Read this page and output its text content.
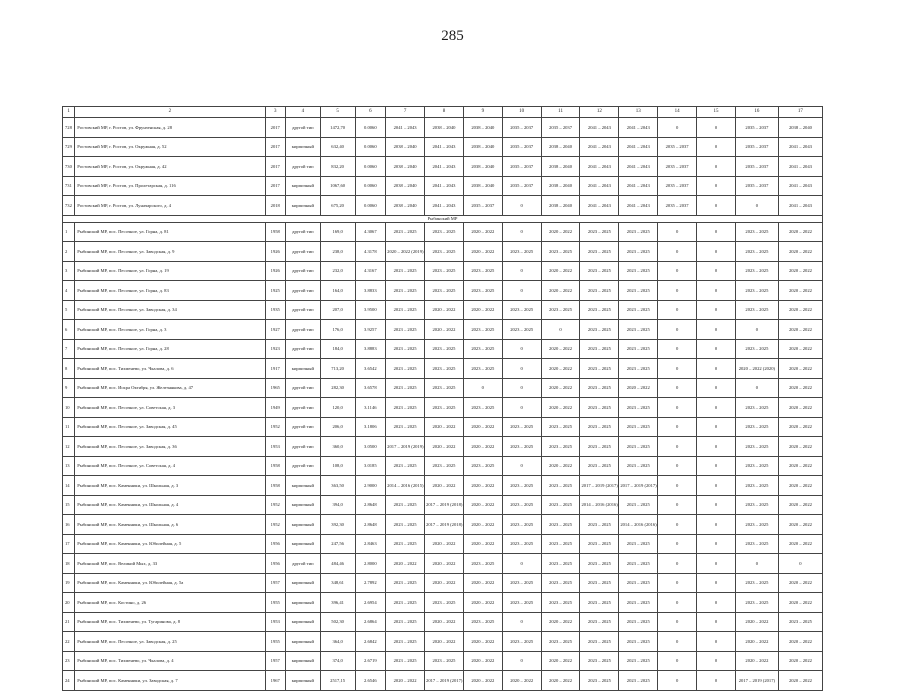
285
1	2	3	4	5	6	7	8	9	10	11	12	13	14	15	16	17
728	Ростовский МР, г. Ростов, ул. Фрунзенская, д. 28	2017	другой тип	1472,70	0.0060	2041 – 2043	2038 – 2040	2038 – 2040	2035 – 2037	2035 – 2037	2041 – 2043	2041 – 2043	0	0	2035 – 2037	2038 – 2040
729	Ростовский МР, г. Ростов, ул. Окружная, д. 52	2017	кирпичный	632,40	0.0060	2038 – 2040	2041 – 2043	2038 – 2040	2035 – 2037	2038 – 2040	2041 – 2043	2041 – 2043	2035 – 2037	0	2035 – 2037	2041 – 2043
730	Ростовский МР, г. Ростов, ул. Окружная, д. 42	2017	другой тип	832,20	0.0060	2038 – 2040	2041 – 2043	2038 – 2040	2035 – 2037	2038 – 2040	2041 – 2043	2041 – 2043	2035 – 2037	0	2035 – 2037	2041 – 2043
731	Ростовский МР, г. Ростов, ул. Пролетарская, д. 116	2017	кирпичный	1067,60	0.0060	2038 – 2040	2041 – 2043	2038 – 2040	2035 – 2037	2038 – 2040	2041 – 2043	2041 – 2043	2035 – 2037	0	2035 – 2037	2041 – 2043
732	Ростовский МР, г. Ростов, ул. Луначарского, д. 4	2018	кирпичный	675,20	0.0060	2038 – 2040	2041 – 2043	2035 – 2037	0	2038 – 2040	2041 – 2043	2041 – 2043	2035 – 2037	0	0	2041 – 2043
Рыбинский МР																
1	Рыбинский МР, пос. Песочное, ул. Горна, д. 81	1958	другой тип	169,0	4.3067	2023 – 2025	2023 – 2025	2020 – 2022	0	2020 – 2022	2023 – 2025	2023 – 2025	0	0	2023 – 2025	2020 – 2022
2	Рыбинский МР, пос. Песочное, ул. Заводская, д. 9	1926	другой тип	238,0	4.3178	2020 – 2022 (2019)	2023 – 2025	2020 – 2022	2023 – 2025	2023 – 2025	2023 – 2025	2023 – 2025	0	0	2023 – 2025	2020 – 2022
3	Рыбинский МР, пос. Песочное, ул. Горна, д. 19	1926	другой тип	232,0	4.3167	2023 – 2025	2023 – 2025	2023 – 2025	0	2020 – 2022	2023 – 2025	2023 – 2025	0	0	2023 – 2025	2020 – 2022
4	Рыбинский МР, пос. Песочное, ул. Горна, д. 83	1925	другой тип	164,0	3.8833	2023 – 2025	2023 – 2025	2023 – 2025	0	2020 – 2022	2023 – 2025	2023 – 2025	0	0	2023 – 2025	2020 – 2022
5	Рыбинский МР, пос. Песочное, ул. Заводская, д. 34	1935	другой тип	207,0	3.9500	2023 – 2025	2020 – 2022	2020 – 2022	2023 – 2025	2023 – 2025	2023 – 2025	2023 – 2025	0	0	2023 – 2025	2020 – 2022
6	Рыбинский МР, пос. Песочное, ул. Горна, д. 3	1927	другой тип	176,0	3.9257	2023 – 2025	2020 – 2022	2023 – 2025	2023 – 2025	0	2023 – 2025	2023 – 2025	0	0	0	2020 – 2022
7	Рыбинский МР, пос. Песочное, ул. Горна, д. 28	1923	другой тип	184,0	3.8883	2023 – 2025	2023 – 2025	2023 – 2025	0	2020 – 2022	2023 – 2025	2023 – 2025	0	0	2023 – 2025	2020 – 2022
8	Рыбинский МР, пос. Тихменево, ул. Чкалова, д. 6	1917	кирпичный	713,20	3.6542	2023 – 2025	2023 – 2025	2023 – 2025	0	2020 – 2022	2023 – 2025	2023 – 2025	0	0	2020 – 2022 (2020)	2020 – 2022
9	Рыбинский МР, пос. Искра Октября, ул. Железнякова, д. 47	1965	другой тип	282,30	3.6578	2023 – 2025	2023 – 2025	0	0	2020 – 2022	2023 – 2025	2020 – 2022	0	0	0	2020 – 2022
10	Рыбинский МР, пос. Песочное, ул. Советская, д. 3	1949	другой тип	120,0	3.1146	2023 – 2025	2023 – 2025	2023 – 2025	0	2020 – 2022	2023 – 2025	2023 – 2025	0	0	2023 – 2025	2020 – 2022
11	Рыбинский МР, пос. Песочное, ул. Заводская, д. 45	1952	другой тип	206,0	3.1806	2023 – 2025	2020 – 2022	2020 – 2022	2023 – 2025	2023 – 2025	2023 – 2025	2023 – 2025	0	0	2023 – 2025	2020 – 2022
12	Рыбинский МР, пос. Песочное, ул. Заводская, д. 36	1953	другой тип	360,0	3.0500	2017 – 2019 (2019)	2020 – 2022	2020 – 2022	2023 – 2025	2023 – 2025	2023 – 2025	2023 – 2025	0	0	2023 – 2025	2020 – 2022
13	Рыбинский МР, пос. Песочное, ул. Советская, д. 4	1958	другой тип	108,0	3.0185	2023 – 2025	2023 – 2025	2023 – 2025	0	2020 – 2022	2023 – 2025	2023 – 2025	0	0	2023 – 2025	2020 – 2022
14	Рыбинский МР, пос. Каменники, ул. Школьная, д. 3	1958	кирпичный	363,50	2.9000	2014 – 2016 (2015)	2020 – 2022	2020 – 2022	2023 – 2025	2023 – 2025	2017 – 2019 (2017)	2017 – 2019 (2017)	0	0	2023 – 2025	2020 – 2022
15	Рыбинский МР, пос. Каменники, ул. Школьная, д. 4	1952	кирпичный	394,0	2.8648	2023 – 2025	2017 – 2019 (2018)	2020 – 2022	2023 – 2025	2023 – 2025	2014 – 2016 (2016)	2023 – 2025	0	0	2023 – 2025	2020 – 2022
16	Рыбинский МР, пос. Каменники, ул. Школьная, д. 6	1952	кирпичный	392,30	2.8648	2023 – 2025	2017 – 2019 (2018)	2020 – 2022	2023 – 2025	2023 – 2025	2023 – 2025	2014 – 2016 (2016)	0	0	2023 – 2025	2020 – 2022
17	Рыбинский МР, пос. Каменники, ул. Юбилейная, д. 5	1956	кирпичный	247,56	2.8463	2023 – 2025	2020 – 2022	2020 – 2022	2023 – 2025	2023 – 2025	2023 – 2025	2023 – 2025	0	0	2023 – 2025	2020 – 2022
18	Рыбинский МР, пос. Великий Мых, д. 33	1956	другой тип	484,46	2.8000	2020 – 2022	2020 – 2022	2023 – 2025	0	2023 – 2025	2023 – 2025	2023 – 2025	0	0	0	0
19	Рыбинский МР, пос. Каменники, ул. Юбилейная, д. 5а	1957	кирпичный	348,61	2.7892	2023 – 2025	2020 – 2022	2020 – 2022	2023 – 2025	2023 – 2025	2023 – 2025	2023 – 2025	0	0	2023 – 2025	2020 – 2022
20	Рыбинский МР, пос. Костино, д. 26	1955	кирпичный	396,41	2.6954	2023 – 2025	2023 – 2025	2020 – 2022	2023 – 2025	2023 – 2025	2023 – 2025	2023 – 2025	0	0	2023 – 2025	2020 – 2022
21	Рыбинский МР, пос. Тихменево, ул. Тугаринова, д. 8	1953	кирпичный	502,30	2.6864	2023 – 2025	2020 – 2022	2023 – 2025	0	2020 – 2022	2023 – 2025	2023 – 2025	0	0	2020 – 2022	2023 – 2025
22	Рыбинский МР, пос. Песочное, ул. Заводская, д. 25	1955	кирпичный	364,0	2.6842	2023 – 2025	2020 – 2022	2020 – 2022	2023 – 2025	2023 – 2025	2023 – 2025	2023 – 2025	0	0	2020 – 2022	2020 – 2022
23	Рыбинский МР, пос. Тихменево, ул. Чкалова, д. 4	1957	кирпичный	374,0	2.6719	2023 – 2025	2023 – 2025	2020 – 2022	0	2020 – 2022	2023 – 2025	2023 – 2025	0	0	2020 – 2022	2020 – 2022
24	Рыбинский МР, пос. Каменники, ул. Заводская, д. 7	1967	кирпичный	2517,15	2.6546	2020 – 2022	2017 – 2019 (2017)	2020 – 2022	2020 – 2022	2020 – 2022	2023 – 2025	2023 – 2025	0	0	2017 – 2019 (2017)	2020 – 2022
